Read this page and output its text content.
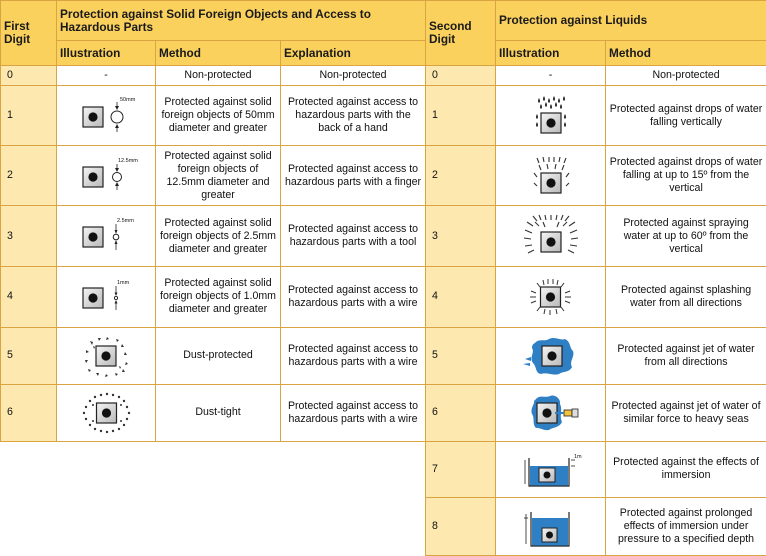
First Digit	Protection against Solid Foreign Objects and Access to Hazardous Parts			Second Digit	Protection against Liquids	
	Illustration	Method	Explanation		Illustration	Method
0	-	Non-protected	Non-protected	0	-	Non-protected
1	50mm	Protected against solid foreign objects of 50mm diameter and greater	Protected against access to hazardous parts with the back of a hand	1		Protected against drops of water falling vertically
2	12.5mm	Protected against solid foreign objects of 12.5mm diameter and greater	Protected against access to hazardous parts with a finger	2		Protected against drops of water falling at up to 15º from the vertical
3	2.5mm	Protected against solid foreign objects of 2.5mm diameter and greater	Protected against access to hazardous parts with a tool	3		Protected against spraying water at up to 60º from the vertical
4	1mm	Protected against solid foreign objects of 1.0mm diameter and greater	Protected against access to hazardous parts with a wire	4		Protected against splashing water from all directions
5		Dust-protected	Protected against access to hazardous parts with a wire	5		Protected against jet of water from all directions
6		Dust-tight	Protected against access to hazardous parts with a wire	6		Protected against jet of water of similar force to heavy seas
				7	1m	Protected against the effects of immersion
				8		Protected against prolonged effects of immersion under pressure to a specified depth
